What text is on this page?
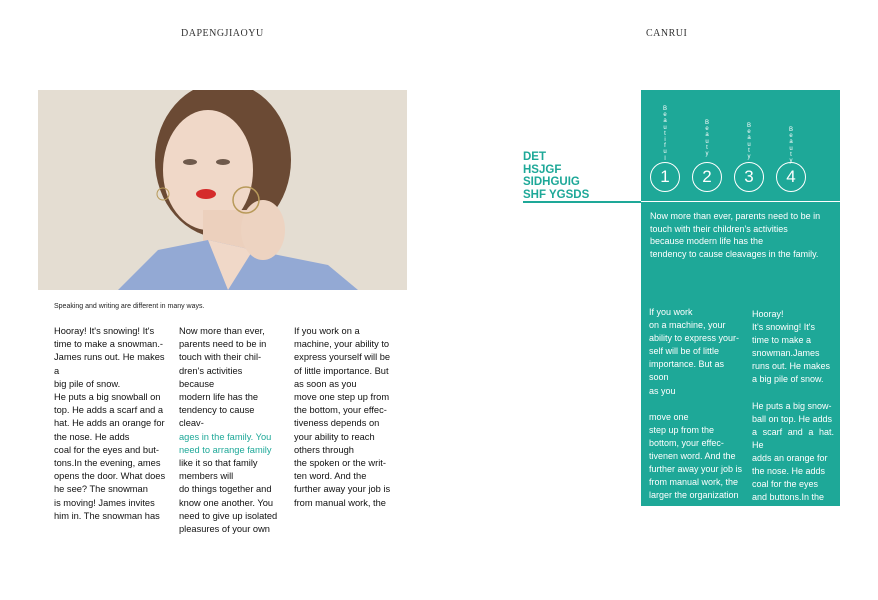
DAPENGJIAOYU	CANRUI
Speaking and writing are different in many ways.
Hooray! It's snowing! It's
time to make a snowman.-
James runs out. He makes a
big pile of snow.
He puts a big snowball on
top. He adds a scarf and a
hat. He adds an orange for
the nose. He adds
coal for the eyes and but-
tons.In the evening, ames
opens the door. What does
he see? The snowman
is moving! James invites
him in. The snowman has
Now more than ever,
parents need to be in
touch with their chil-
dren's activities because
modern life has the
tendency to cause cleav-
ages in the family. You
need to arrange family
like it so that family
members will
do things together and
know one another. You
need to give up isolated
pleasures of your own
If you work on a
machine, your ability to
express yourself will be
of little importance. But
as soon as you
move one step up from
the bottom, your effec-
tiveness depends on
your ability to reach
others through
the spoken or the writ-
ten word. And the
further away your job is
from manual work, the
DET
HSJGF
SIDHGUIG
SHF YGSDS
B
e
a
u
t
i
f
u
l
B
e
a
u
t
y
B
e
a
u
t
y
B
e
a
u
t
y
1	2	3	4
Now more than ever, parents need to be in
touch with their children's activities
because modern life has the
tendency to cause cleavages in the family.
If you work
on a machine, your
ability to express your-
self will be of little
importance. But as soon
as you

move one
step up from the
bottom, your effec-
tivenen word. And the
further away your job is
from manual work, the
larger the organization
Hooray!
It's snowing! It's
time to make a
snowman.James
runs out. He makes
a big pile of snow.

He puts a big snow-
ball on top. He adds
a scarf and a hat. He
adds an orange for
the nose. He adds
coal for the eyes
and buttons.In the
